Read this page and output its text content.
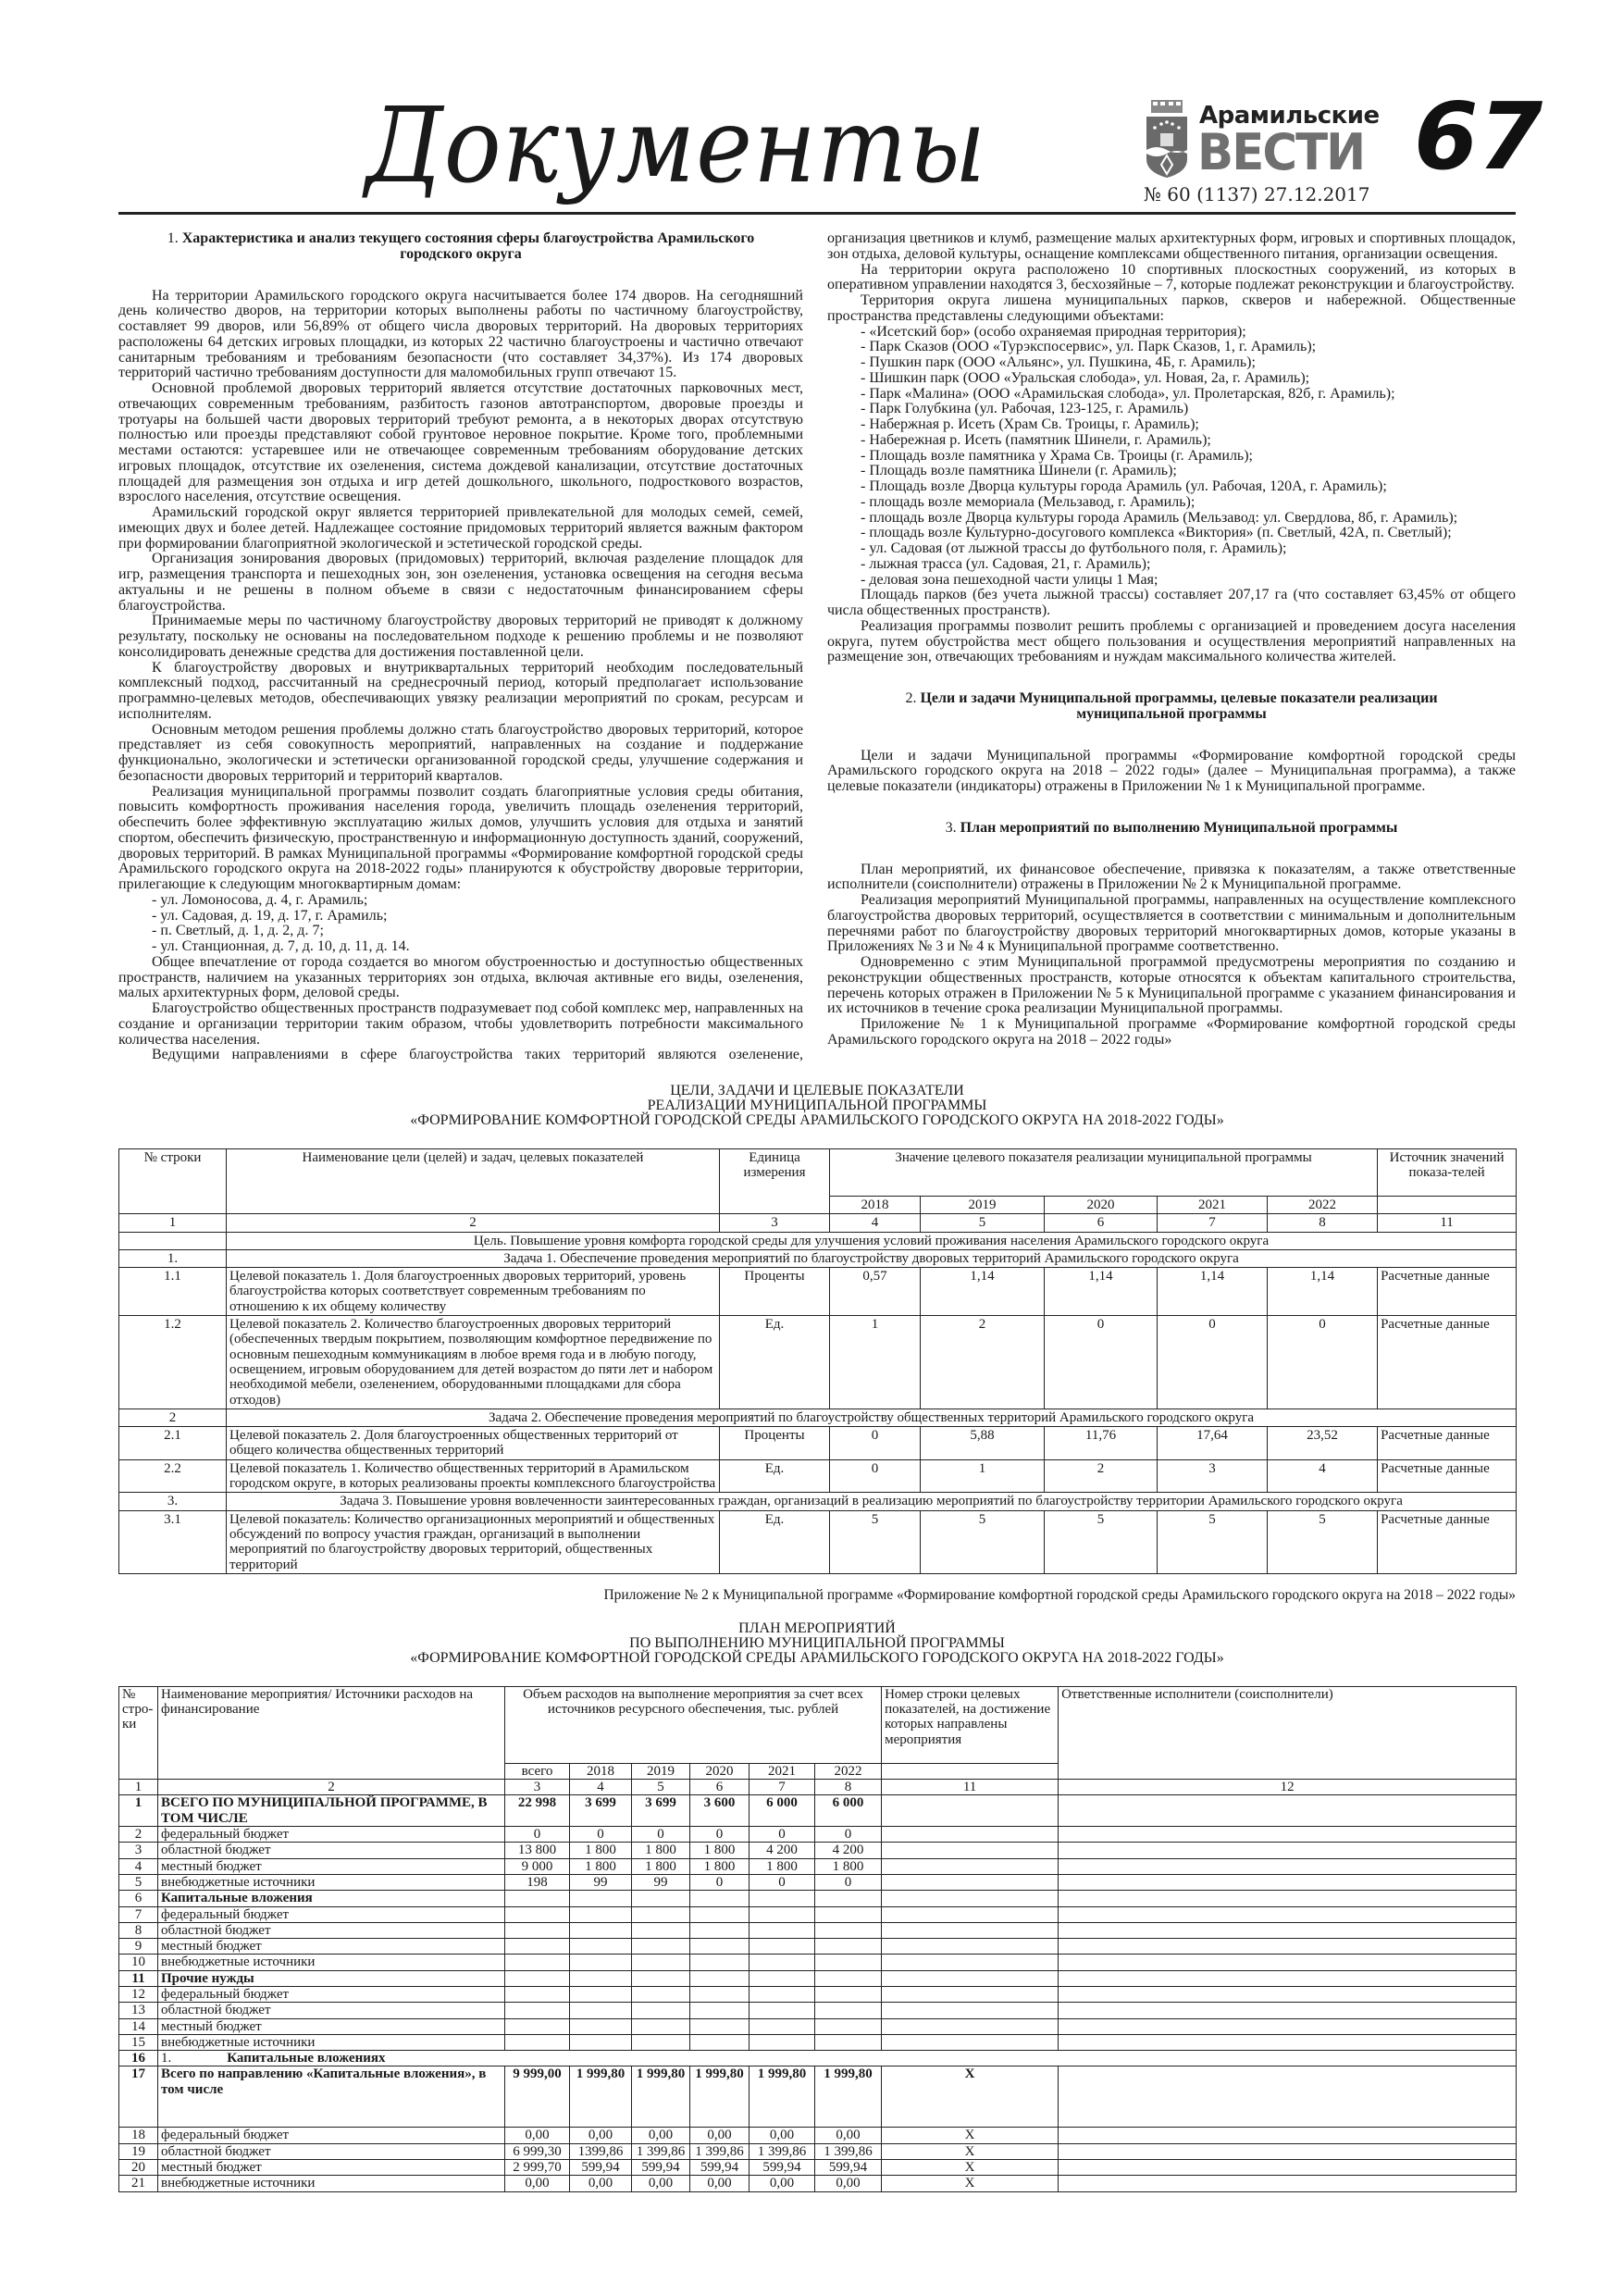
Документы	Арамильские
ВЕСТИ
№ 60 (1137) 27.12.2017
67
1. Характеристика и анализ текущего состояния сферы благоустройства Арамильского городского округа

На территории Арамильского городского округа насчитывается более 174 дворов. На сегодняшний день количество дворов, на территории которых выполнены работы по частичному благоустройству, составляет 99 дворов, или 56,89% от общего числа дворовых территорий. На дворовых территориях расположены 64 детских игровых площадки, из которых 22 частично благоустроены и частично отвечают санитарным требованиям и требованиям безопасности (что составляет 34,37%). Из 174 дворовых территорий частично требованиям доступности для маломобильных групп отвечают 15.

Основной проблемой дворовых территорий является отсутствие достаточных парковочных мест, отвечающих современным требованиям, разбитость газонов автотранспортом, дворовые проезды и тротуары на большей части дворовых территорий требуют ремонта, а в некоторых дворах отсутствую полностью или проезды представляют собой грунтовое неровное покрытие. Кроме того, проблемными местами остаются: устаревшее или не отвечающее современным требованиям оборудование детских игровых площадок, отсутствие их озеленения, система дождевой канализации, отсутствие достаточных площадей для размещения зон отдыха и игр детей дошкольного, школьного, подросткового возрастов, взрослого населения, отсутствие освещения.

Арамильский городской округ является территорией привлекательной для молодых семей, семей, имеющих двух и более детей. Надлежащее состояние придомовых территорий является важным фактором при формировании благоприятной экологической и эстетической городской среды.

Организация зонирования дворовых (придомовых) территорий, включая разделение площадок для игр, размещения транспорта и пешеходных зон, зон озеленения, установка освещения на сегодня весьма актуальны и не решены в полном объеме в связи с недостаточным финансированием сферы благоустройства.

Принимаемые меры по частичному благоустройству дворовых территорий не приводят к должному результату, поскольку не основаны на последовательном подходе к решению проблемы и не позволяют консолидировать денежные средства для достижения поставленной цели.

К благоустройству дворовых и внутриквартальных территорий необходим последовательный комплексный подход, рассчитанный на среднесрочный период, который предполагает использование программно-целевых методов, обеспечивающих увязку реализации мероприятий по срокам, ресурсам и исполнителям.

Основным методом решения проблемы должно стать благоустройство дворовых территорий, которое представляет из себя совокупность мероприятий, направленных на создание и поддержание функционально, экологически и эстетически организованной городской среды, улучшение содержания и безопасности дворовых территорий и территорий кварталов.

Реализация муниципальной программы позволит создать благоприятные условия среды обитания, повысить комфортность проживания населения города, увеличить площадь озеленения территорий, обеспечить более эффективную эксплуатацию жилых домов, улучшить условия для отдыха и занятий спортом, обеспечить физическую, пространственную и информационную доступность зданий, сооружений, дворовых территорий. В рамках Муниципальной программы «Формирование комфортной городской среды Арамильского городского округа на 2018-2022 годы» планируются к обустройству дворовые территории, прилегающие к следующим многоквартирным домам:

- ул. Ломоносова, д. 4, г. Арамиль;

- ул. Садовая, д. 19, д. 17, г. Арамиль;

- п. Светлый, д. 1, д. 2, д. 7;

- ул. Станционная, д. 7, д. 10, д. 11, д. 14.

Общее впечатление от города создается во многом обустроенностью и доступностью общественных пространств, наличием на указанных территориях зон отдыха, включая активные его виды, озеленения, малых архитектурных форм, деловой среды.

Благоустройство общественных пространств подразумевает под собой комплекс мер, направленных на создание и организации территории таким образом, чтобы удовлетворить потребности максимального количества населения.

Ведущими направлениями в сфере благоустройства таких территорий являются озеленение,

организация цветников и клумб, размещение малых архитектурных форм, игровых и спортивных площадок, зон отдыха, деловой культуры, оснащение комплексами общественного питания, организации освещения.

На территории округа расположено 10 спортивных плоскостных сооружений, из которых в оперативном управлении находятся 3, бесхозяйные – 7, которые подлежат реконструкции и благоустройству.

Территория округа лишена муниципальных парков, скверов и набережной. Общественные пространства представлены следующими объектами:

- «Исетский бор» (особо охраняемая природная территория);

- Парк Сказов (ООО «Турэкспосервис», ул. Парк Сказов, 1, г. Арамиль);

- Пушкин парк (ООО «Альянс», ул. Пушкина, 4Б, г. Арамиль);

- Шишкин парк (ООО «Уральская слобода», ул. Новая, 2а, г. Арамиль);

- Парк «Малина» (ООО «Арамильская слобода», ул. Пролетарская, 82б, г. Арамиль);

- Парк Голубкина (ул. Рабочая, 123-125, г. Арамиль)

- Набержная р. Исеть (Храм Св. Троицы, г. Арамиль);

- Набережная р. Исеть (памятник Шинели, г. Арамиль);

- Площадь возле памятника у Храма Св. Троицы (г. Арамиль);

- Площадь возле памятника Шинели (г. Арамиль);

- Площадь возле Дворца культуры города Арамиль (ул. Рабочая, 120А, г. Арамиль);

- площадь возле мемориала (Мельзавод, г. Арамиль);

- площадь возле Дворца культуры города Арамиль (Мельзавод: ул. Свердлова, 8б, г. Арамиль);

- площадь возле Культурно-досугового комплекса «Виктория» (п. Светлый, 42А, п. Светлый);

- ул. Садовая (от лыжной трассы до футбольного поля, г. Арамиль);

- лыжная трасса (ул. Садовая, 21, г. Арамиль);

- деловая зона пешеходной части улицы 1 Мая;

Площадь парков (без учета лыжной трассы) составляет 207,17 га (что составляет 63,45% от общего числа общественных пространств).

Реализация программы позволит решить проблемы с организацией и проведением досуга населения округа, путем обустройства мест общего пользования и осуществления мероприятий направленных на размещение зон, отвечающих требованиям и нуждам максимального количества жителей.

2. Цели и задачи Муниципальной программы, целевые показатели реализации муниципальной программы

Цели и задачи Муниципальной программы «Формирование комфортной городской среды Арамильского городского округа на 2018 – 2022 годы» (далее – Муниципальная программа), а также целевые показатели (индикаторы) отражены в Приложении № 1 к Муниципальной программе.

3. План мероприятий по выполнению Муниципальной программы

План мероприятий, их финансовое обеспечение, привязка к показателям, а также ответственные исполнители (соисполнители) отражены в Приложении № 2 к Муниципальной программе.

Реализация мероприятий Муниципальной программы, направленных на осуществление комплексного благоустройства дворовых территорий, осуществляется в соответствии с минимальным и дополнительным перечнями работ по благоустройству дворовых территорий многоквартирных домов, которые указаны в Приложениях № 3 и № 4 к Муниципальной программе соответственно.

Одновременно с этим Муниципальной программой предусмотрены мероприятия по созданию и реконструкции общественных пространств, которые относятся к объектам капитального строительства, перечень которых отражен в Приложении № 5 к Муниципальной программе с указанием финансирования и их источников в течение срока реализации Муниципальной программы.

Приложение № 1 к Муниципальной программе «Формирование комфортной городской среды Арамильского городского округа на 2018 – 2022 годы»

ЦЕЛИ, ЗАДАЧИ И ЦЕЛЕВЫЕ ПОКАЗАТЕЛИ
РЕАЛИЗАЦИИ МУНИЦИПАЛЬНОЙ ПРОГРАММЫ
«ФОРМИРОВАНИЕ КОМФОРТНОЙ ГОРОДСКОЙ СРЕДЫ АРАМИЛЬСКОГО ГОРОДСКОГО ОКРУГА НА 2018-2022 ГОДЫ»
№ строки	Наименование цели (целей) и задач, целевых показателей	Единица измерения	Значение целевого показателя реализации муниципальной программы					Источник значений показа-телей
			2018	2019	2020	2021	2022	
1	2	3	4	5	6	7	8	11
	Цель. Повышение уровня комфорта городской среды для улучшения условий проживания населения Арамильского городского округа							
1.	Задача 1. Обеспечение проведения мероприятий по благоустройству дворовых территорий Арамильского городского округа							
1.1	Целевой показатель 1. Доля благоустроенных дворовых территорий, уровень благоустройства которых соответствует современным требованиям по отношению к их общему количеству	Проценты	0,57	1,14	1,14	1,14	1,14	Расчетные данные
1.2	Целевой показатель 2. Количество благоустроенных дворовых территорий (обеспеченных твердым покрытием, позволяющим комфортное передвижение по основным пешеходным коммуникациям в любое время года и в любую погоду, освещением, игровым оборудованием для детей возрастом до пяти лет и набором необходимой мебели, озеленением, оборудованными площадками для сбора отходов)	Ед.	1	2	0	0	0	Расчетные данные
2	Задача 2. Обеспечение проведения мероприятий по благоустройству общественных территорий Арамильского городского округа							
2.1	Целевой показатель 2. Доля благоустроенных общественных территорий от общего количества общественных территорий	Проценты	0	5,88	11,76	17,64	23,52	Расчетные данные
2.2	Целевой показатель 1. Количество общественных территорий в Арамильском городском округе, в которых реализованы проекты комплексного благоустройства	Ед.	0	1	2	3	4	Расчетные данные
3.	Задача 3. Повышение уровня вовлеченности заинтересованных граждан, организаций в реализацию мероприятий по благоустройству территории Арамильского городского округа							
3.1	Целевой показатель: Количество организационных мероприятий и общественных обсуждений по вопросу участия граждан, организаций в выполнении мероприятий по благоустройству дворовых территорий, общественных территорий	Ед.	5	5	5	5	5	Расчетные данные
Приложение № 2 к Муниципальной программе «Формирование комфортной городской среды Арамильского городского округа на 2018 – 2022 годы»
ПЛАН МЕРОПРИЯТИЙ
ПО ВЫПОЛНЕНИЮ МУНИЦИПАЛЬНОЙ ПРОГРАММЫ
«ФОРМИРОВАНИЕ КОМФОРТНОЙ ГОРОДСКОЙ СРЕДЫ АРАМИЛЬСКОГО ГОРОДСКОГО ОКРУГА НА 2018-2022 ГОДЫ»
№ стро-ки	Наименование мероприятия/ Источники расходов на финансирование	Объем расходов на выполнение мероприятия за счет всех источников ресурсного обеспечения, тыс. рублей						Номер строки целевых показателей, на достижение которых направлены мероприятия	Ответственные исполнители (соисполнители)
		всего	2018	2019	2020	2021	2022		
1	2	3	4	5	6	7	8	11	12
1	ВСЕГО ПО МУНИЦИПАЛЬНОЙ ПРОГРАММЕ, В ТОМ ЧИСЛЕ	22 998	3 699	3 699	3 600	6 000	6 000		
2	федеральный бюджет	0	0	0	0	0	0		
3	областной бюджет	13 800	1 800	1 800	1 800	4 200	4 200		
4	местный бюджет	9 000	1 800	1 800	1 800	1 800	1 800		
5	внебюджетные источники	198	99	99	0	0	0		
6	Капитальные вложения								
7	федеральный бюджет								
8	областной бюджет								
9	местный бюджет								
10	внебюджетные источники								
11	Прочие нужды								
12	федеральный бюджет								
13	областной бюджет								
14	местный бюджет								
15	внебюджетные источники								
16	1. Капитальные вложениях								
17	Всего по направлению «Капитальные вложения», в том числе	9 999,00	1 999,80	1 999,80	1 999,80	1 999,80	1 999,80	X	
18	федеральный бюджет	0,00	0,00	0,00	0,00	0,00	0,00	X	
19	областной бюджет	6 999,30	1399,86	1 399,86	1 399,86	1 399,86	1 399,86	X	
20	местный бюджет	2 999,70	599,94	599,94	599,94	599,94	599,94	X	
21	внебюджетные источники	0,00	0,00	0,00	0,00	0,00	0,00	X	
